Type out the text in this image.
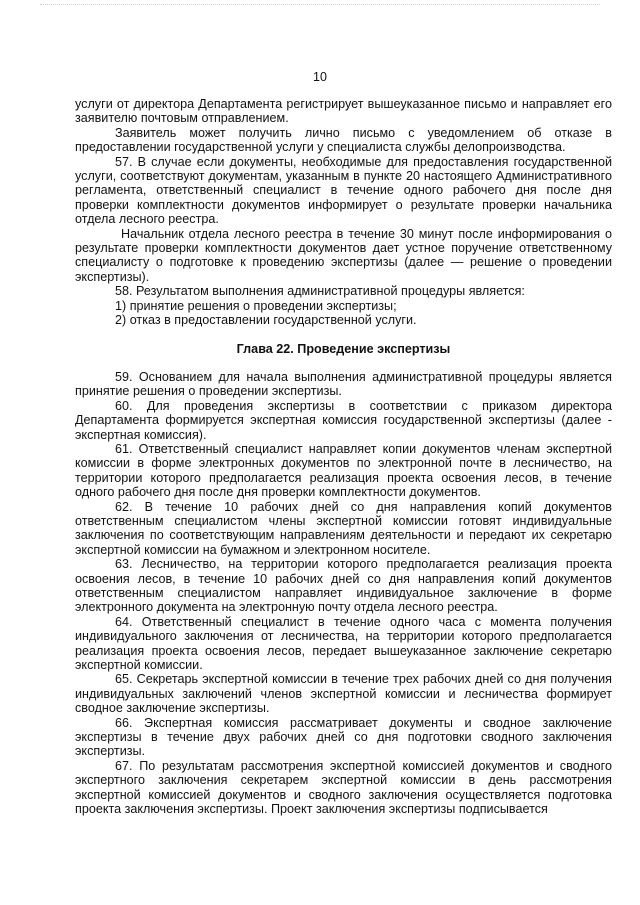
10

услуги от директора Департамента регистрирует вышеуказанное письмо и направляет его заявителю почтовым отправлением.

Заявитель может получить лично письмо с уведомлением об отказе в предоставлении государственной услуги у специалиста службы делопроизводства.

57. В случае если документы, необходимые для предоставления государственной услуги, соответствуют документам, указанным в пункте 20 настоящего Административного регламента, ответственный специалист в течение одного рабочего дня после дня проверки комплектности документов информирует о результате проверки начальника отдела лесного реестра.

Начальник отдела лесного реестра в течение 30 минут после информирования о результате проверки комплектности документов дает устное поручение ответственному специалисту о подготовке к проведению экспертизы (далее — решение о проведении экспертизы).

58. Результатом выполнения административной процедуры является:

1) принятие решения о проведении экспертизы;

2) отказ в предоставлении государственной услуги.

Глава 22. Проведение экспертизы

59. Основанием для начала выполнения административной процедуры является принятие решения о проведении экспертизы.

60. Для проведения экспертизы в соответствии с приказом директора Департамента формируется экспертная комиссия государственной экспертизы (далее - экспертная комиссия).

61. Ответственный специалист направляет копии документов членам экспертной комиссии в форме электронных документов по электронной почте в лесничество, на территории которого предполагается реализация проекта освоения лесов, в течение одного рабочего дня после дня проверки комплектности документов.

62. В течение 10 рабочих дней со дня направления копий документов ответственным специалистом члены экспертной комиссии готовят индивидуальные заключения по соответствующим направлениям деятельности и передают их секретарю экспертной комиссии на бумажном и электронном носителе.

63. Лесничество, на территории которого предполагается реализация проекта освоения лесов, в течение 10 рабочих дней со дня направления копий документов ответственным специалистом направляет индивидуальное заключение в форме электронного документа на электронную почту отдела лесного реестра.

64. Ответственный специалист в течение одного часа с момента получения индивидуального заключения от лесничества, на территории которого предполагается реализация проекта освоения лесов, передает вышеуказанное заключение секретарю экспертной комиссии.

65. Секретарь экспертной комиссии в течение трех рабочих дней со дня получения индивидуальных заключений членов экспертной комиссии и лесничества формирует сводное заключение экспертизы.

66. Экспертная комиссия рассматривает документы и сводное заключение экспертизы в течение двух рабочих дней со дня подготовки сводного заключения экспертизы.

67. По результатам рассмотрения экспертной комиссией документов и сводного экспертного заключения секретарем экспертной комиссии в день рассмотрения экспертной комиссией документов и сводного заключения осуществляется подготовка проекта заключения экспертизы. Проект заключения экспертизы подписывается
